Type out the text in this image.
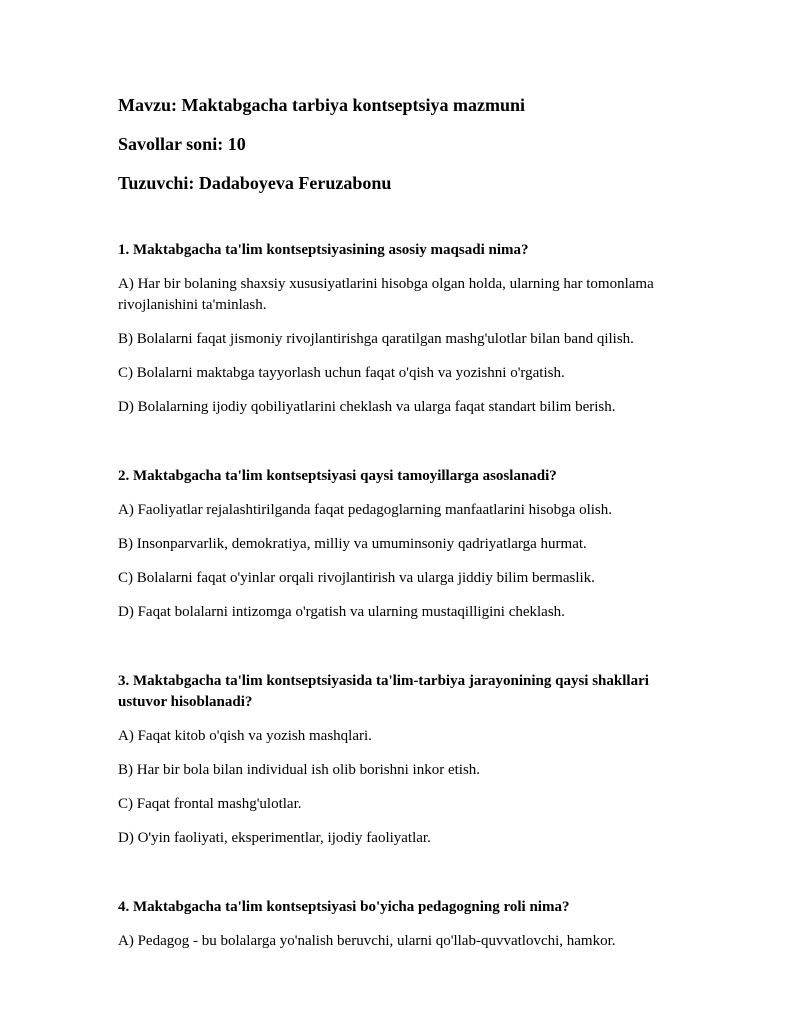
Mavzu: Maktabgacha tarbiya kontseptsiya mazmuni

Savollar soni: 10

Tuzuvchi: Dadaboyeva Feruzabonu

1. Maktabgacha ta'lim kontseptsiyasining asosiy maqsadi nima?

A) Har bir bolaning shaxsiy xususiyatlarini hisobga olgan holda, ularning har tomonlama rivojlanishini ta'minlash.

B) Bolalarni faqat jismoniy rivojlantirishga qaratilgan mashg'ulotlar bilan band qilish.

C) Bolalarni maktabga tayyorlash uchun faqat o'qish va yozishni o'rgatish.

D) Bolalarning ijodiy qobiliyatlarini cheklash va ularga faqat standart bilim berish.

2. Maktabgacha ta'lim kontseptsiyasi qaysi tamoyillarga asoslanadi?

A) Faoliyatlar rejalashtirilganda faqat pedagoglarning manfaatlarini hisobga olish.

B) Insonparvarlik, demokratiya, milliy va umuminsoniy qadriyatlarga hurmat.

C) Bolalarni faqat o'yinlar orqali rivojlantirish va ularga jiddiy bilim bermaslik.

D) Faqat bolalarni intizomga o'rgatish va ularning mustaqilligini cheklash.

3. Maktabgacha ta'lim kontseptsiyasida ta'lim-tarbiya jarayonining qaysi shakllari ustuvor hisoblanadi?

A) Faqat kitob o'qish va yozish mashqlari.

B) Har bir bola bilan individual ish olib borishni inkor etish.

C) Faqat frontal mashg'ulotlar.

D) O'yin faoliyati, eksperimentlar, ijodiy faoliyatlar.

4. Maktabgacha ta'lim kontseptsiyasi bo'yicha pedagogning roli nima?

A) Pedagog - bu bolalarga yo'nalish beruvchi, ularni qo'llab-quvvatlovchi, hamkor.
